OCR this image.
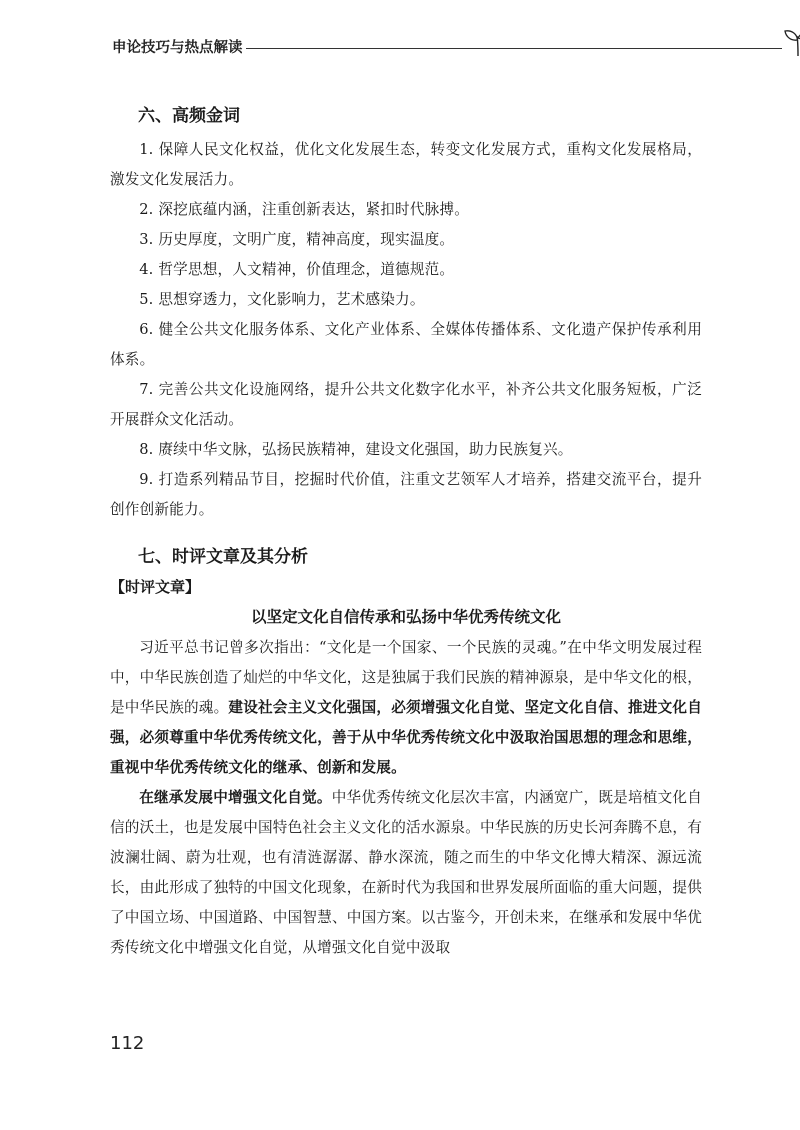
申论技巧与热点解读
六、高频金词

1. 保障人民文化权益，优化文化发展生态，转变文化发展方式，重构文化发展格局，激发文化发展活力。

2. 深挖底蕴内涵，注重创新表达，紧扣时代脉搏。

3. 历史厚度，文明广度，精神高度，现实温度。

4. 哲学思想，人文精神，价值理念，道德规范。

5. 思想穿透力，文化影响力，艺术感染力。

6. 健全公共文化服务体系、文化产业体系、全媒体传播体系、文化遗产保护传承利用体系。

7. 完善公共文化设施网络，提升公共文化数字化水平，补齐公共文化服务短板，广泛开展群众文化活动。

8. 赓续中华文脉，弘扬民族精神，建设文化强国，助力民族复兴。

9. 打造系列精品节目，挖掘时代价值，注重文艺领军人才培养，搭建交流平台，提升创作创新能力。

七、时评文章及其分析

【时评文章】

以坚定文化自信传承和弘扬中华优秀传统文化

习近平总书记曾多次指出：“文化是一个国家、一个民族的灵魂。”在中华文明发展过程中，中华民族创造了灿烂的中华文化，这是独属于我们民族的精神源泉，是中华文化的根，是中华民族的魂。建设社会主义文化强国，必须增强文化自觉、坚定文化自信、推进文化自强，必须尊重中华优秀传统文化，善于从中华优秀传统文化中汲取治国思想的理念和思维，重视中华优秀传统文化的继承、创新和发展。

在继承发展中增强文化自觉。中华优秀传统文化层次丰富，内涵宽广，既是培植文化自信的沃土，也是发展中国特色社会主义文化的活水源泉。中华民族的历史长河奔腾不息，有波澜壮阔、蔚为壮观，也有清涟潺潺、静水深流，随之而生的中华文化博大精深、源远流长，由此形成了独特的中国文化现象，在新时代为我国和世界发展所面临的重大问题，提供了中国立场、中国道路、中国智慧、中国方案。以古鉴今，开创未来，在继承和发展中华优秀传统文化中增强文化自觉，从增强文化自觉中汲取

112
